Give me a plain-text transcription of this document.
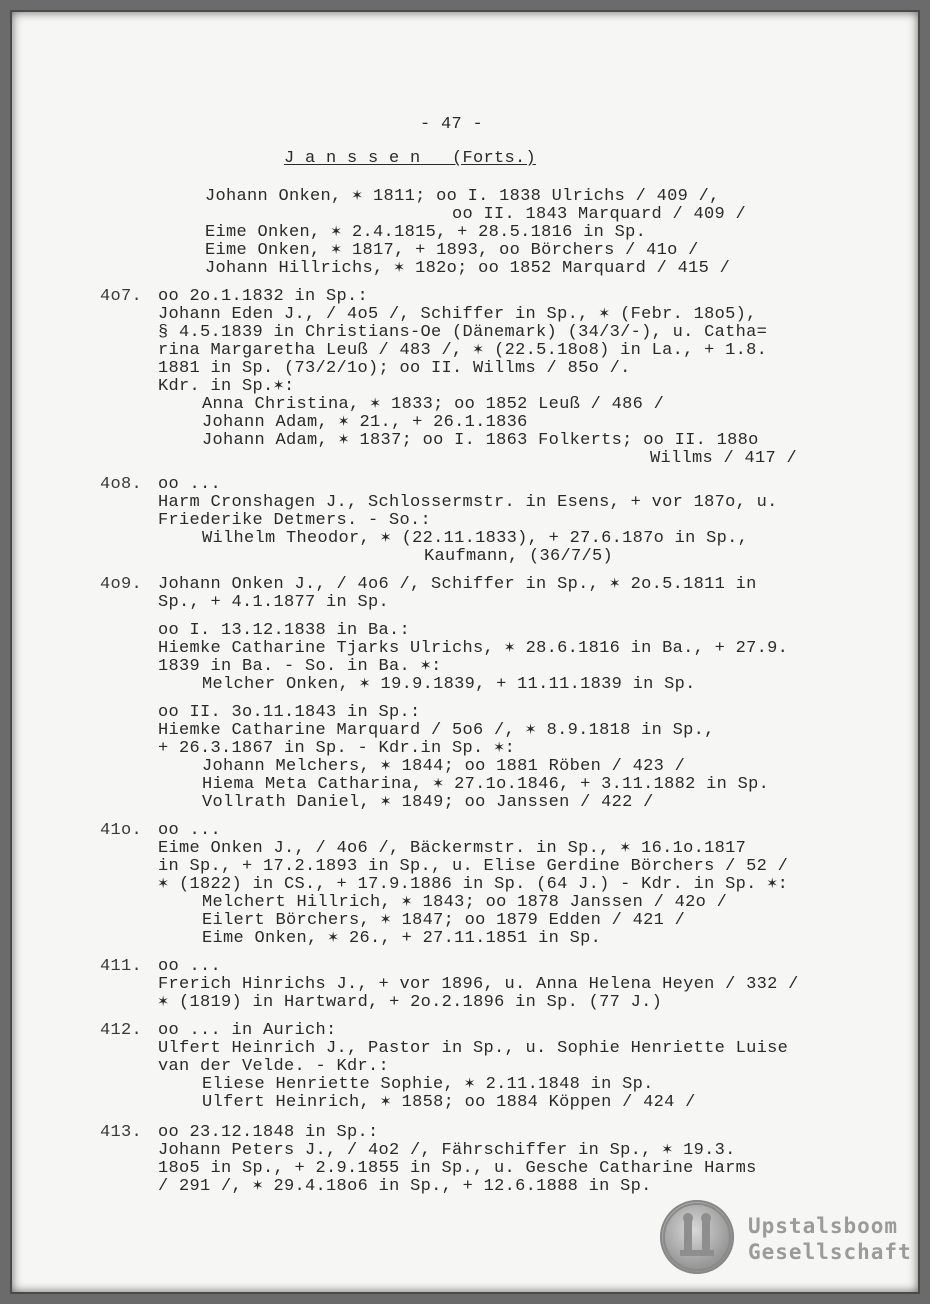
- 47 -
J a n s s e n   (Forts.)
Johann Onken, ✶ 1811; oo I. 1838 Ulrichs / 409 /,
oo II. 1843 Marquard / 409 /
Eime Onken, ✶ 2.4.1815, + 28.5.1816 in Sp.
Eime Onken, ✶ 1817, + 1893, oo Börchers / 41o /
Johann Hillrichs, ✶ 182o; oo 1852 Marquard / 415 /
4o7. oo 2o.1.1832 in Sp.:
Johann Eden J., / 4o5 /, Schiffer in Sp., ✶ (Febr. 18o5),
§ 4.5.1839 in Christians-Oe (Dänemark) (34/3/-), u. Catha=
rina Margaretha Leuß / 483 /, ✶ (22.5.18o8) in La., + 1.8.
1881 in Sp. (73/2/1o); oo II. Willms / 85o /.
Kdr. in Sp.✶:
Anna Christina, ✶ 1833; oo 1852 Leuß / 486 /
Johann Adam, ✶ 21., + 26.1.1836
Johann Adam, ✶ 1837; oo I. 1863 Folkerts; oo II. 188o
Willms / 417 /
4o8. oo ...
Harm Cronshagen J., Schlossermstr. in Esens, + vor 187o, u.
Friederike Detmers. - So.:
Wilhelm Theodor, ✶ (22.11.1833), + 27.6.187o in Sp.,
Kaufmann, (36/7/5)
4o9. Johann Onken J., / 4o6 /, Schiffer in Sp., ✶ 2o.5.1811 in
Sp., + 4.1.1877 in Sp.
oo I. 13.12.1838 in Ba.:
Hiemke Catharine Tjarks Ulrichs, ✶ 28.6.1816 in Ba., + 27.9.
1839 in Ba. - So. in Ba. ✶:
Melcher Onken, ✶ 19.9.1839, + 11.11.1839 in Sp.
oo II. 3o.11.1843 in Sp.:
Hiemke Catharine Marquard / 5o6 /, ✶ 8.9.1818 in Sp.,
+ 26.3.1867 in Sp. - Kdr.in Sp. ✶:
Johann Melchers, ✶ 1844; oo 1881 Röben / 423 /
Hiema Meta Catharina, ✶ 27.1o.1846, + 3.11.1882 in Sp.
Vollrath Daniel, ✶ 1849; oo Janssen / 422 /
41o. oo ...
Eime Onken J., / 4o6 /, Bäckermstr. in Sp., ✶ 16.1o.1817
in Sp., + 17.2.1893 in Sp., u. Elise Gerdine Börchers / 52 /
✶ (1822) in CS., + 17.9.1886 in Sp. (64 J.) - Kdr. in Sp. ✶:
Melchert Hillrich, ✶ 1843; oo 1878 Janssen / 42o /
Eilert Börchers, ✶ 1847; oo 1879 Edden / 421 /
Eime Onken, ✶ 26., + 27.11.1851 in Sp.
411. oo ...
Frerich Hinrichs J., + vor 1896, u. Anna Helena Heyen / 332 /
✶ (1819) in Hartward, + 2o.2.1896 in Sp. (77 J.)
412. oo ... in Aurich:
Ulfert Heinrich J., Pastor in Sp., u. Sophie Henriette Luise
van der Velde. - Kdr.:
Eliese Henriette Sophie, ✶ 2.11.1848 in Sp.
Ulfert Heinrich, ✶ 1858; oo 1884 Köppen / 424 /
413. oo 23.12.1848 in Sp.:
Johann Peters J., / 4o2 /, Fährschiffer in Sp., ✶ 19.3.
18o5 in Sp., + 2.9.1855 in Sp., u. Gesche Catharine Harms
/ 291 /, ✶ 29.4.18o6 in Sp., + 12.6.1888 in Sp.
Upstalsboom
Gesellschaft
